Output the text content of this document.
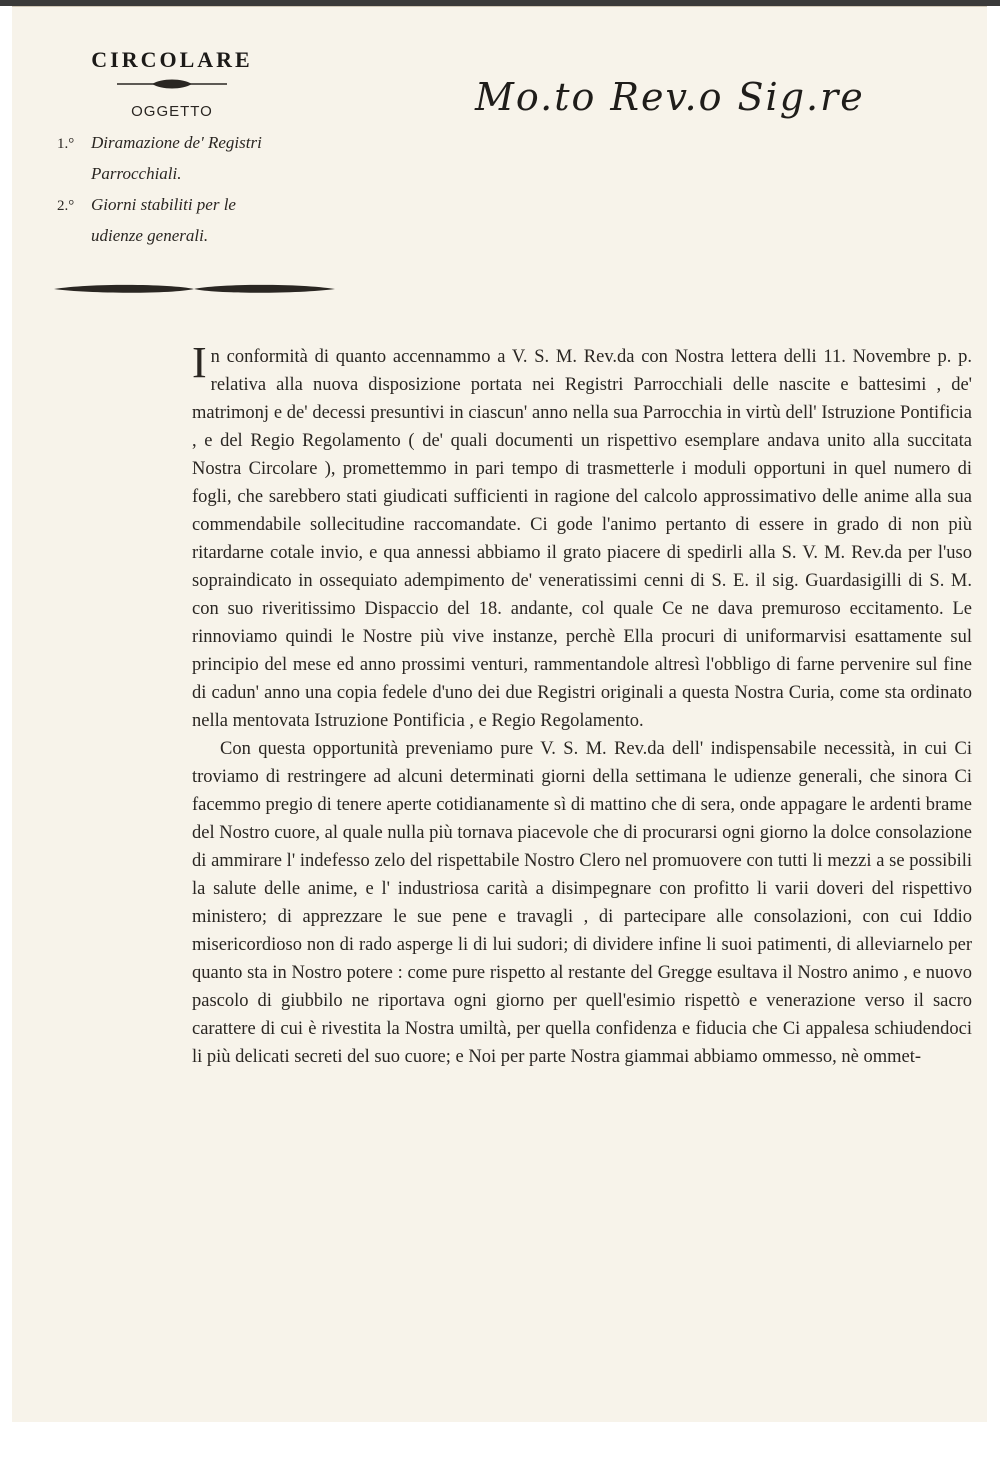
CIRCOLARE
OGGETTO
1.° Diramazione de' Registri
Parrocchiali.
2.° Giorni stabiliti per le
udienze generali.
Mo.to Rev.o Sig.re

In conformità di quanto accennammo a V. S. M. Rev.da con Nostra lettera delli 11. Novembre p. p. relativa alla nuova disposizione portata nei Registri Parrocchiali delle nascite e battesimi , de' matrimonj e de' decessi presuntivi in ciascun' anno nella sua Parrocchia in virtù dell' Istruzione Pontificia , e del Regio Regolamento ( de' quali documenti un rispettivo esemplare andava unito alla succitata Nostra Circolare ), promettemmo in pari tempo di trasmetterle i moduli opportuni in quel numero di fogli, che sarebbero stati giudicati sufficienti in ragione del calcolo approssimativo delle anime alla sua commendabile sollecitudine raccomandate. Ci gode l'animo pertanto di essere in grado di non più ritardarne cotale invio, e qua annessi abbiamo il grato piacere di spedirli alla S. V. M. Rev.da per l'uso sopraindicato in ossequiato adempimento de' veneratissimi cenni di S. E. il sig. Guardasigilli di S. M. con suo riveritissimo Dispaccio del 18. andante, col quale Ce ne dava premuroso eccitamento. Le rinnoviamo quindi le Nostre più vive instanze, perchè Ella procuri di uniformarvisi esattamente sul principio del mese ed anno prossimi venturi, rammentandole altresì l'obbligo di farne pervenire sul fine di cadun' anno una copia fedele d'uno dei due Registri originali a questa Nostra Curia, come sta ordinato nella mentovata Istruzione Pontificia , e Regio Regolamento.

Con questa opportunità preveniamo pure V. S. M. Rev.da dell' indispensabile necessità, in cui Ci troviamo di restringere ad alcuni determinati giorni della settimana le udienze generali, che sinora Ci facemmo pregio di tenere aperte cotidianamente sì di mattino che di sera, onde appagare le ardenti brame del Nostro cuore, al quale nulla più tornava piacevole che di procurarsi ogni giorno la dolce consolazione di ammirare l' indefesso zelo del rispettabile Nostro Clero nel promuovere con tutti li mezzi a se possibili la salute delle anime, e l' industriosa carità a disimpegnare con profitto li varii doveri del rispettivo ministero; di apprezzare le sue pene e travagli , di partecipare alle consolazioni, con cui Iddio misericordioso non di rado asperge li di lui sudori; di dividere infine li suoi patimenti, di alleviarnelo per quanto sta in Nostro potere : come pure rispetto al restante del Gregge esultava il Nostro animo , e nuovo pascolo di giubbilo ne riportava ogni giorno per quell'esimio rispettò e venerazione verso il sacro carattere di cui è rivestita la Nostra umiltà, per quella confidenza e fiducia che Ci appalesa schiudendoci li più delicati secreti del suo cuore; e Noi per parte Nostra giammai abbiamo ommesso, nè ommet-
